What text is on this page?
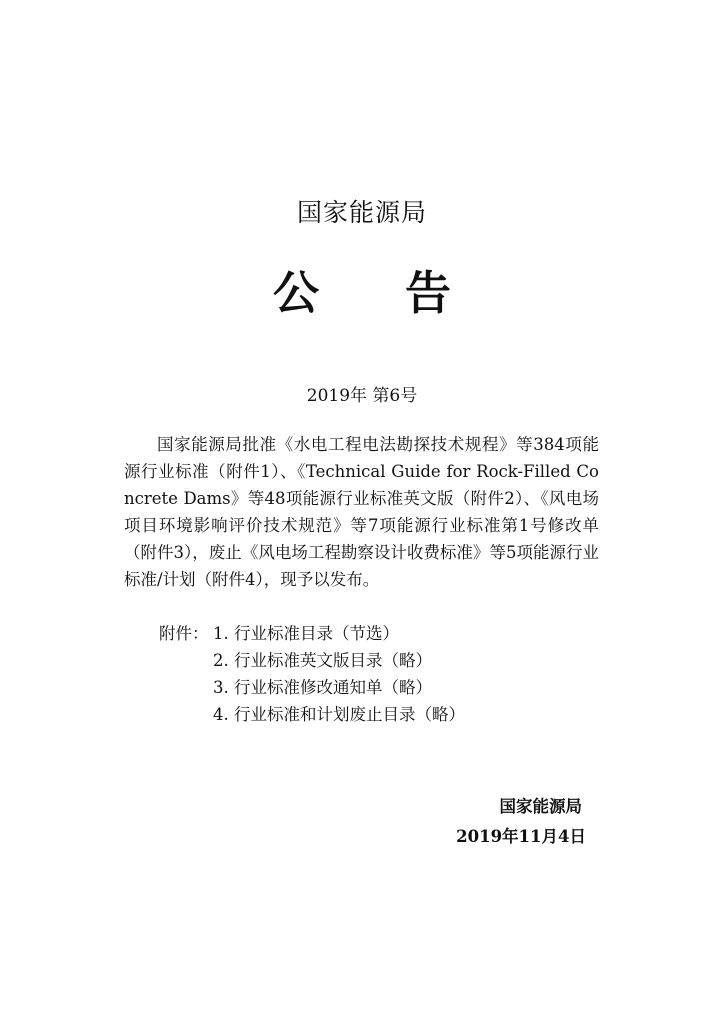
国家能源局
公告
2019年 第6号
国家能源局批准《水电工程电法勘探技术规程》等384项能源行业标准（附件1）、《Technical Guide for Rock-Filled Concrete Dams》等48项能源行业标准英文版（附件2）、《风电场项目环境影响评价技术规范》等7项能源行业标准第1号修改单（附件3），废止《风电场工程勘察设计收费标准》等5项能源行业标准/计划（附件4），现予以发布。
附件： 1. 行业标准目录（节选）
2. 行业标准英文版目录（略）
3. 行业标准修改通知单（略）
4. 行业标准和计划废止目录（略）
国家能源局
2019年11月4日
